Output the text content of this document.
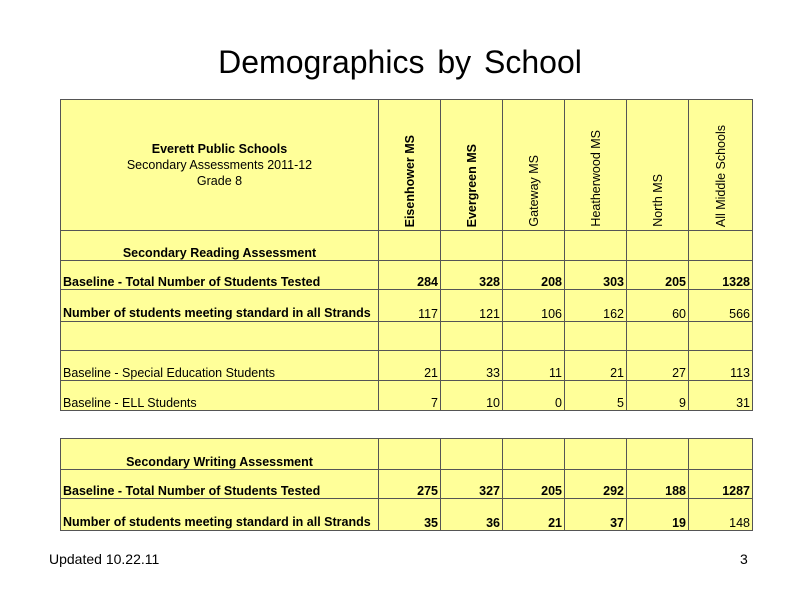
Demographics by School
Everett Public Schools
Secondary Assessments 2011-12
Grade 8	Eisenhower MS	Evergreen MS	Gateway MS	Heatherwood MS	North MS	All Middle Schools
Secondary Reading Assessment						
Baseline - Total Number of Students Tested	284	328	208	303	205	1328
Number of students meeting standard in all Strands	117	121	106	162	60	566

Baseline - Special Education Students	21	33	11	21	27	113
Baseline - ELL Students	7	10	0	5	9	31
Secondary Writing Assessment						
Baseline - Total Number of Students Tested	275	327	205	292	188	1287
Number of students meeting standard in all Strands	35	36	21	37	19	148
Updated 10.22.11	3
